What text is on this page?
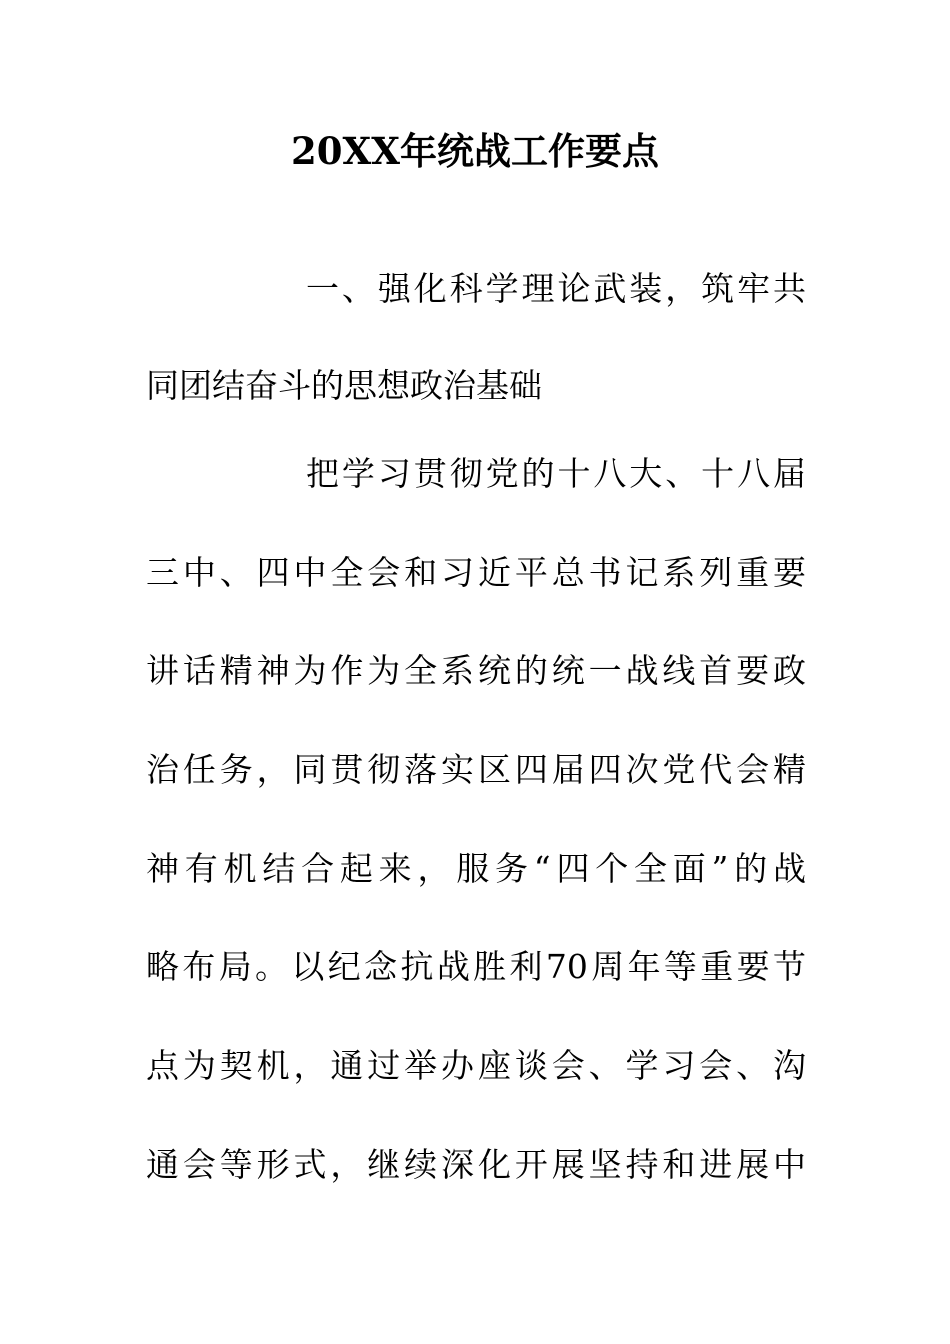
20XX年统战工作要点
一、强化科学理论武装，筑牢共
同团结奋斗的思想政治基础
把学习贯彻党的十八大、十八届
三中、四中全会和习近平总书记系列重要
讲话精神为作为全系统的统一战线首要政
治任务，同贯彻落实区四届四次党代会精
神有机结合起来，服务“四个全面”的战
略布局。以纪念抗战胜利70周年等重要节
点为契机，通过举办座谈会、学习会、沟
通会等形式，继续深化开展坚持和进展中
